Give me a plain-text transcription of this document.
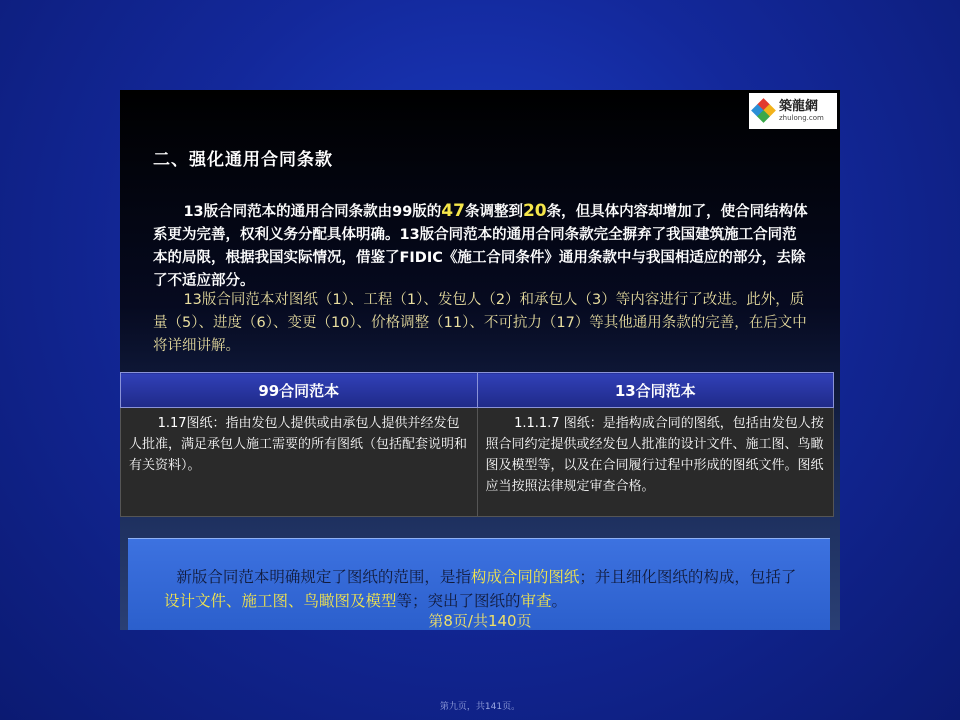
築龍網
zhulong.com
二、强化通用合同条款

13版合同范本的通用合同条款由99版的47条调整到20条，但具体内容却增加了，使合同结构体系更为完善，权利义务分配具体明确。13版合同范本的通用合同条款完全摒弃了我国建筑施工合同范本的局限，根据我国实际情况，借鉴了FIDIC《施工合同条件》通用条款中与我国相适应的部分，去除了不适应部分。

13版合同范本对图纸（1）、工程（1）、发包人（2）和承包人（3）等内容进行了改进。此外，质量（5）、进度（6）、变更（10）、价格调整（11）、不可抗力（17）等其他通用条款的完善，在后文中将详细讲解。

99合同范本	13合同范本

1.17图纸：指由发包人提供或由承包人提供并经发包人批准，满足承包人施工需要的所有图纸（包括配套说明和有关资料）。	1.1.1.7 图纸：是指构成合同的图纸，包括由发包人按照合同约定提供或经发包人批准的设计文件、施工图、鸟瞰图及模型等，以及在合同履行过程中形成的图纸文件。图纸应当按照法律规定审查合格。

新版合同范本明确规定了图纸的范围，是指构成合同的图纸；并且细化图纸的构成，包括了设计文件、施工图、鸟瞰图及模型等；突出了图纸的审查。

第8页/共140页
第九页，共141页。
